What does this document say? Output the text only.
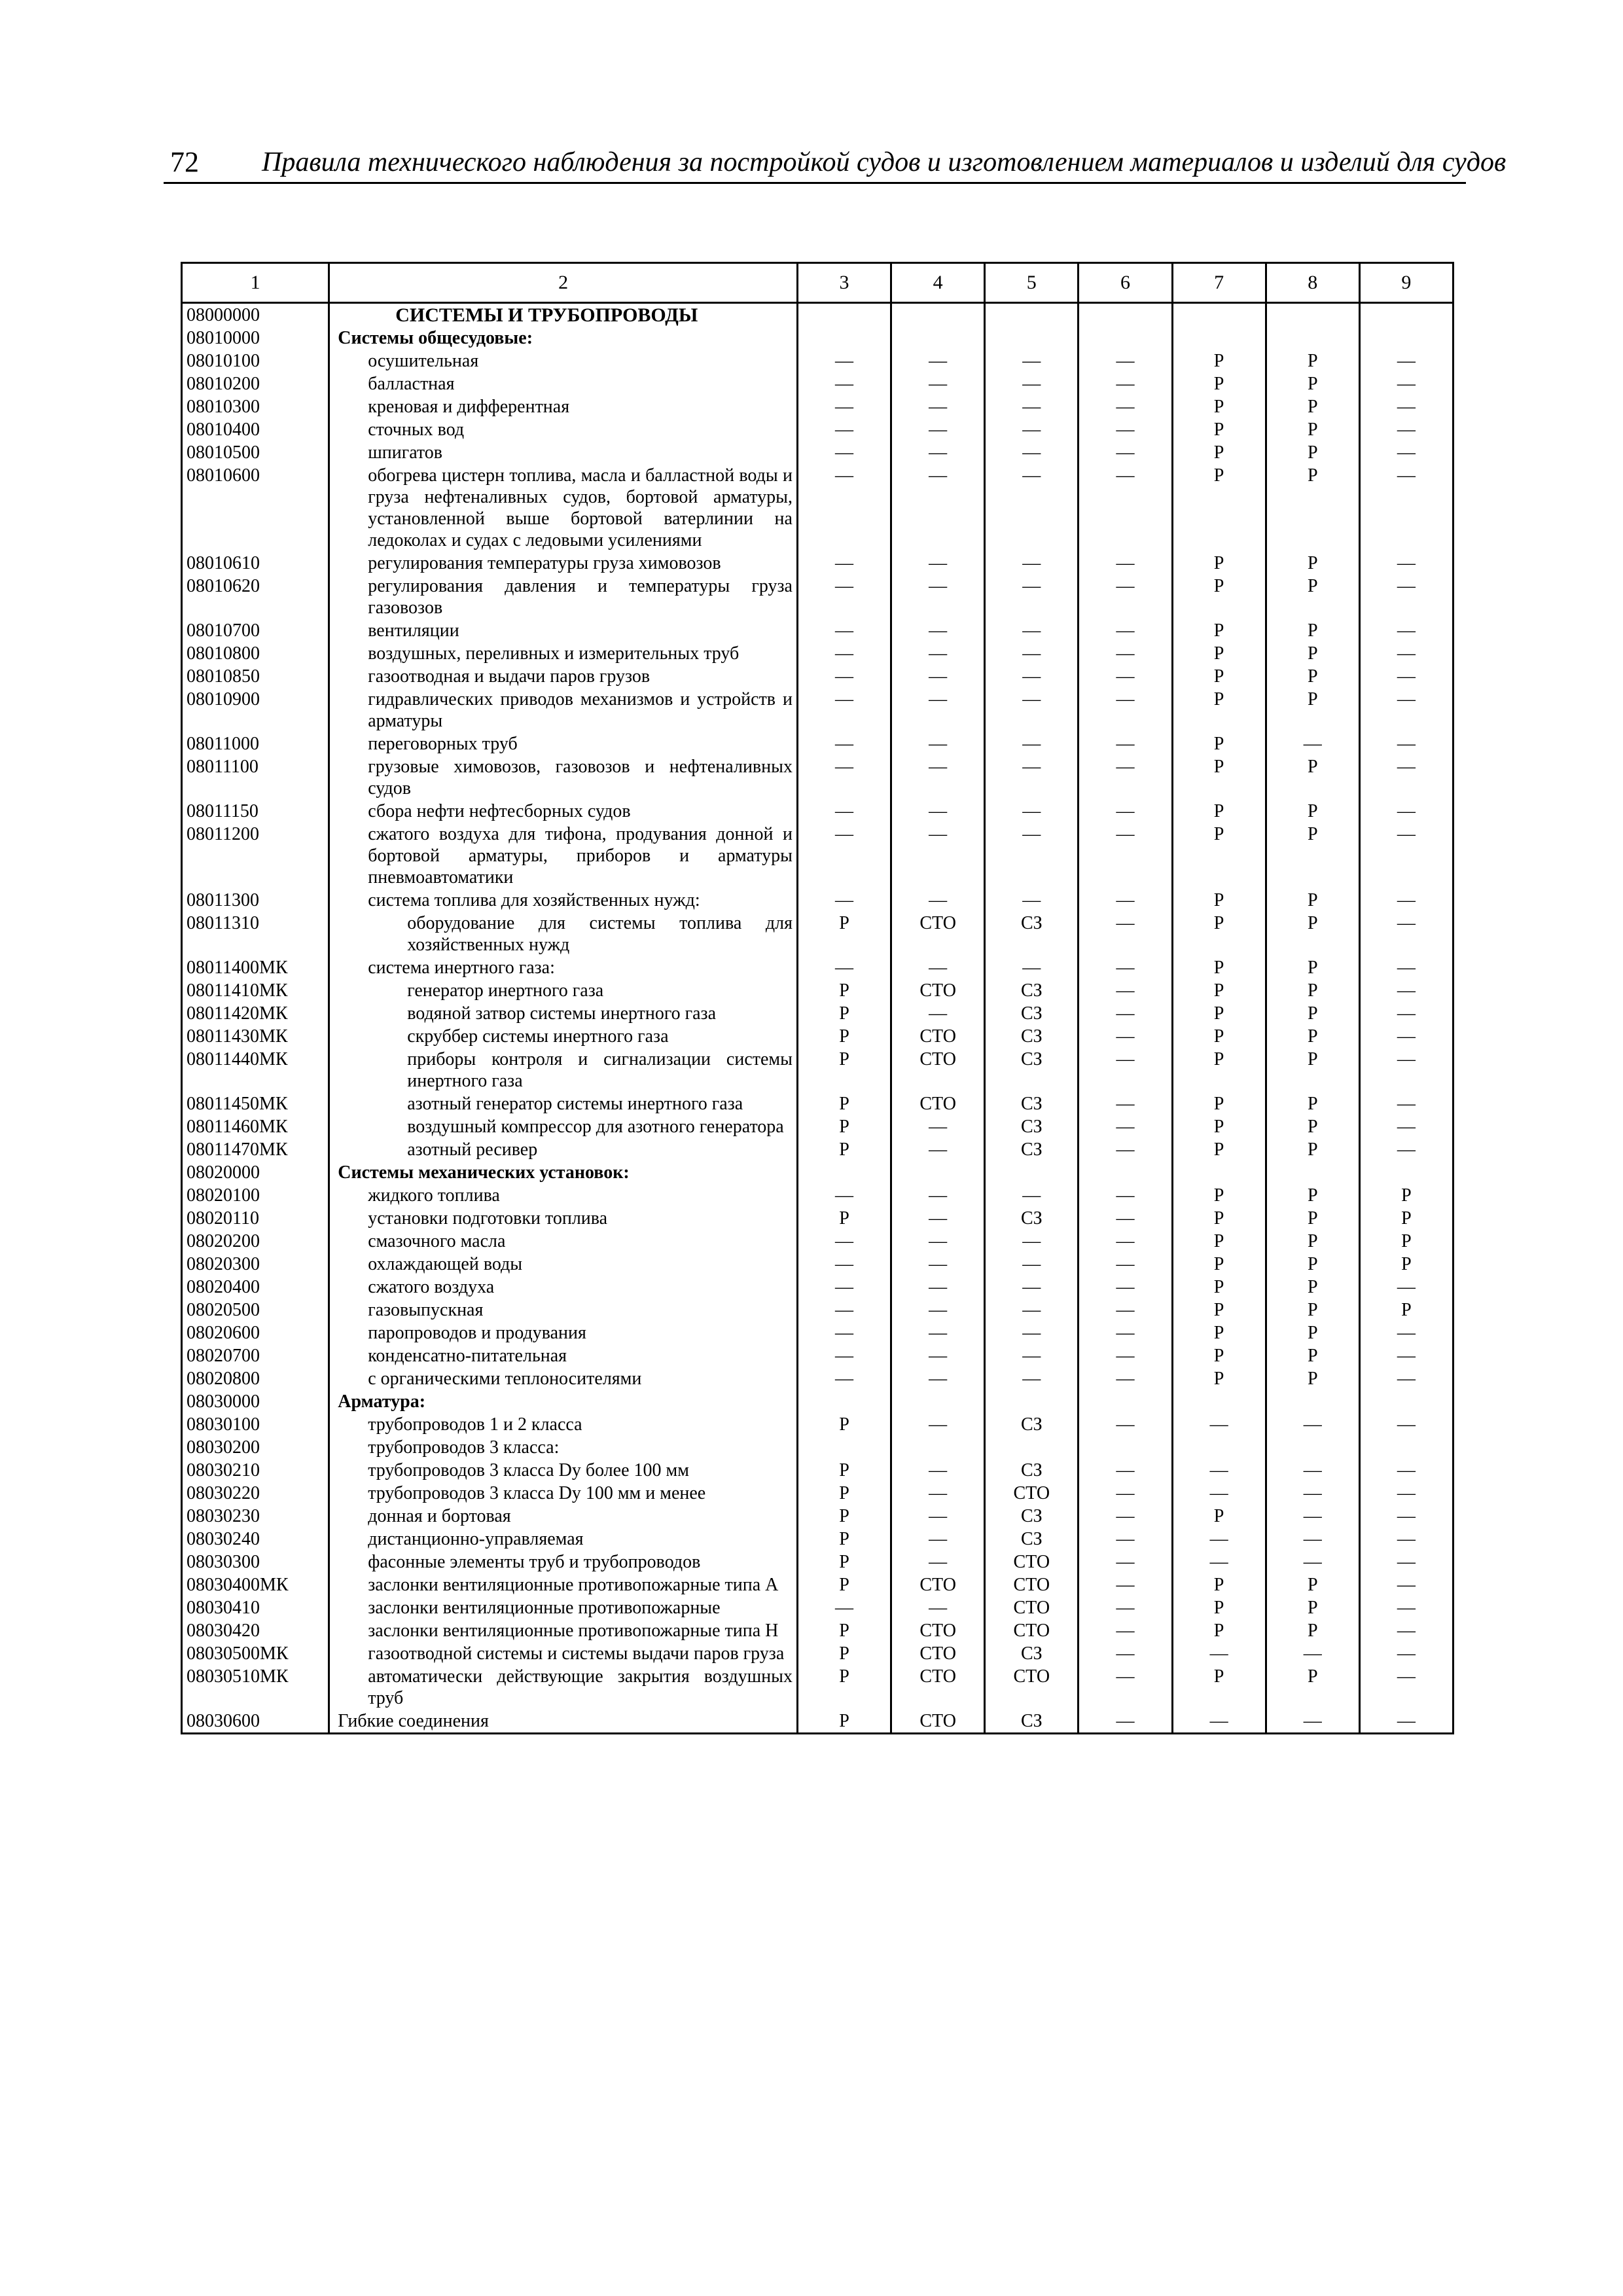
72 Правила технического наблюдения за постройкой судов и изготовлением материалов и изделий для судов
1	2	3	4	5	6	7	8	9
08000000	СИСТЕМЫ И ТРУБОПРОВОДЫ							
08010000	Системы общесудовые:							
08010100	осушительная	—	—	—	—	Р	Р	—
08010200	балластная	—	—	—	—	Р	Р	—
08010300	креновая и дифферентная	—	—	—	—	Р	Р	—
08010400	сточных вод	—	—	—	—	Р	Р	—
08010500	шпигатов	—	—	—	—	Р	Р	—
08010600	обогрева цистерн топлива, масла и балластной воды и груза нефтеналивных судов, бортовой арматуры, установленной выше бортовой ватерлинии на ледоколах и судах с ледовыми усилениями	—	—	—	—	Р	Р	—
08010610	регулирования температуры груза химовозов	—	—	—	—	Р	Р	—
08010620	регулирования давления и температуры груза газовозов	—	—	—	—	Р	Р	—
08010700	вентиляции	—	—	—	—	Р	Р	—
08010800	воздушных, переливных и измерительных труб	—	—	—	—	Р	Р	—
08010850	газоотводная и выдачи паров грузов	—	—	—	—	Р	Р	—
08010900	гидравлических приводов механизмов и устройств и арматуры	—	—	—	—	Р	Р	—
08011000	переговорных труб	—	—	—	—	Р	—	—
08011100	грузовые химовозов, газовозов и нефтеналивных судов	—	—	—	—	Р	Р	—
08011150	сбора нефти нефтесборных судов	—	—	—	—	Р	Р	—
08011200	сжатого воздуха для тифона, продувания донной и бортовой арматуры, приборов и арматуры пневмоавтоматики	—	—	—	—	Р	Р	—
08011300	система топлива для хозяйственных нужд:	—	—	—	—	Р	Р	—
08011310	оборудование для системы топлива для хозяйственных нужд	Р	СТО	СЗ	—	Р	Р	—
08011400МК	система инертного газа:	—	—	—	—	Р	Р	—
08011410МК	генератор инертного газа	Р	СТО	СЗ	—	Р	Р	—
08011420МК	водяной затвор системы инертного газа	Р	—	СЗ	—	Р	Р	—
08011430МК	скруббер системы инертного газа	Р	СТО	СЗ	—	Р	Р	—
08011440МК	приборы контроля и сигнализации системы инертного газа	Р	СТО	СЗ	—	Р	Р	—
08011450МК	азотный генератор системы инертного газа	Р	СТО	СЗ	—	Р	Р	—
08011460МК	воздушный компрессор для азотного генератора	Р	—	СЗ	—	Р	Р	—
08011470МК	азотный ресивер	Р	—	СЗ	—	Р	Р	—
08020000	Системы механических установок:							
08020100	жидкого топлива	—	—	—	—	Р	Р	Р
08020110	установки подготовки топлива	Р	—	СЗ	—	Р	Р	Р
08020200	смазочного масла	—	—	—	—	Р	Р	Р
08020300	охлаждающей воды	—	—	—	—	Р	Р	Р
08020400	сжатого воздуха	—	—	—	—	Р	Р	—
08020500	газовыпускная	—	—	—	—	Р	Р	Р
08020600	паропроводов и продувания	—	—	—	—	Р	Р	—
08020700	конденсатно-питательная	—	—	—	—	Р	Р	—
08020800	с органическими теплоносителями	—	—	—	—	Р	Р	—
08030000	Арматура:							
08030100	трубопроводов 1 и 2 класса	Р	—	СЗ	—	—	—	—
08030200	трубопроводов 3 класса:							
08030210	трубопроводов 3 класса Dy более 100 мм	Р	—	СЗ	—	—	—	—
08030220	трубопроводов 3 класса Dy 100 мм и менее	Р	—	СТО	—	—	—	—
08030230	донная и бортовая	Р	—	СЗ	—	Р	—	—
08030240	дистанционно-управляемая	Р	—	СЗ	—	—	—	—
08030300	фасонные элементы труб и трубопроводов	Р	—	СТО	—	—	—	—
08030400МК	заслонки вентиляционные противопожарные типа А	Р	СТО	СТО	—	Р	Р	—
08030410	заслонки вентиляционные противопожарные	—	—	СТО	—	Р	Р	—
08030420	заслонки вентиляционные противопожарные типа Н	Р	СТО	СТО	—	Р	Р	—
08030500МК	газоотводной системы и системы выдачи паров груза	Р	СТО	СЗ	—	—	—	—
08030510МК	автоматически действующие закрытия воздушных труб	Р	СТО	СТО	—	Р	Р	—
08030600	Гибкие соединения	Р	СТО	СЗ	—	—	—	—
